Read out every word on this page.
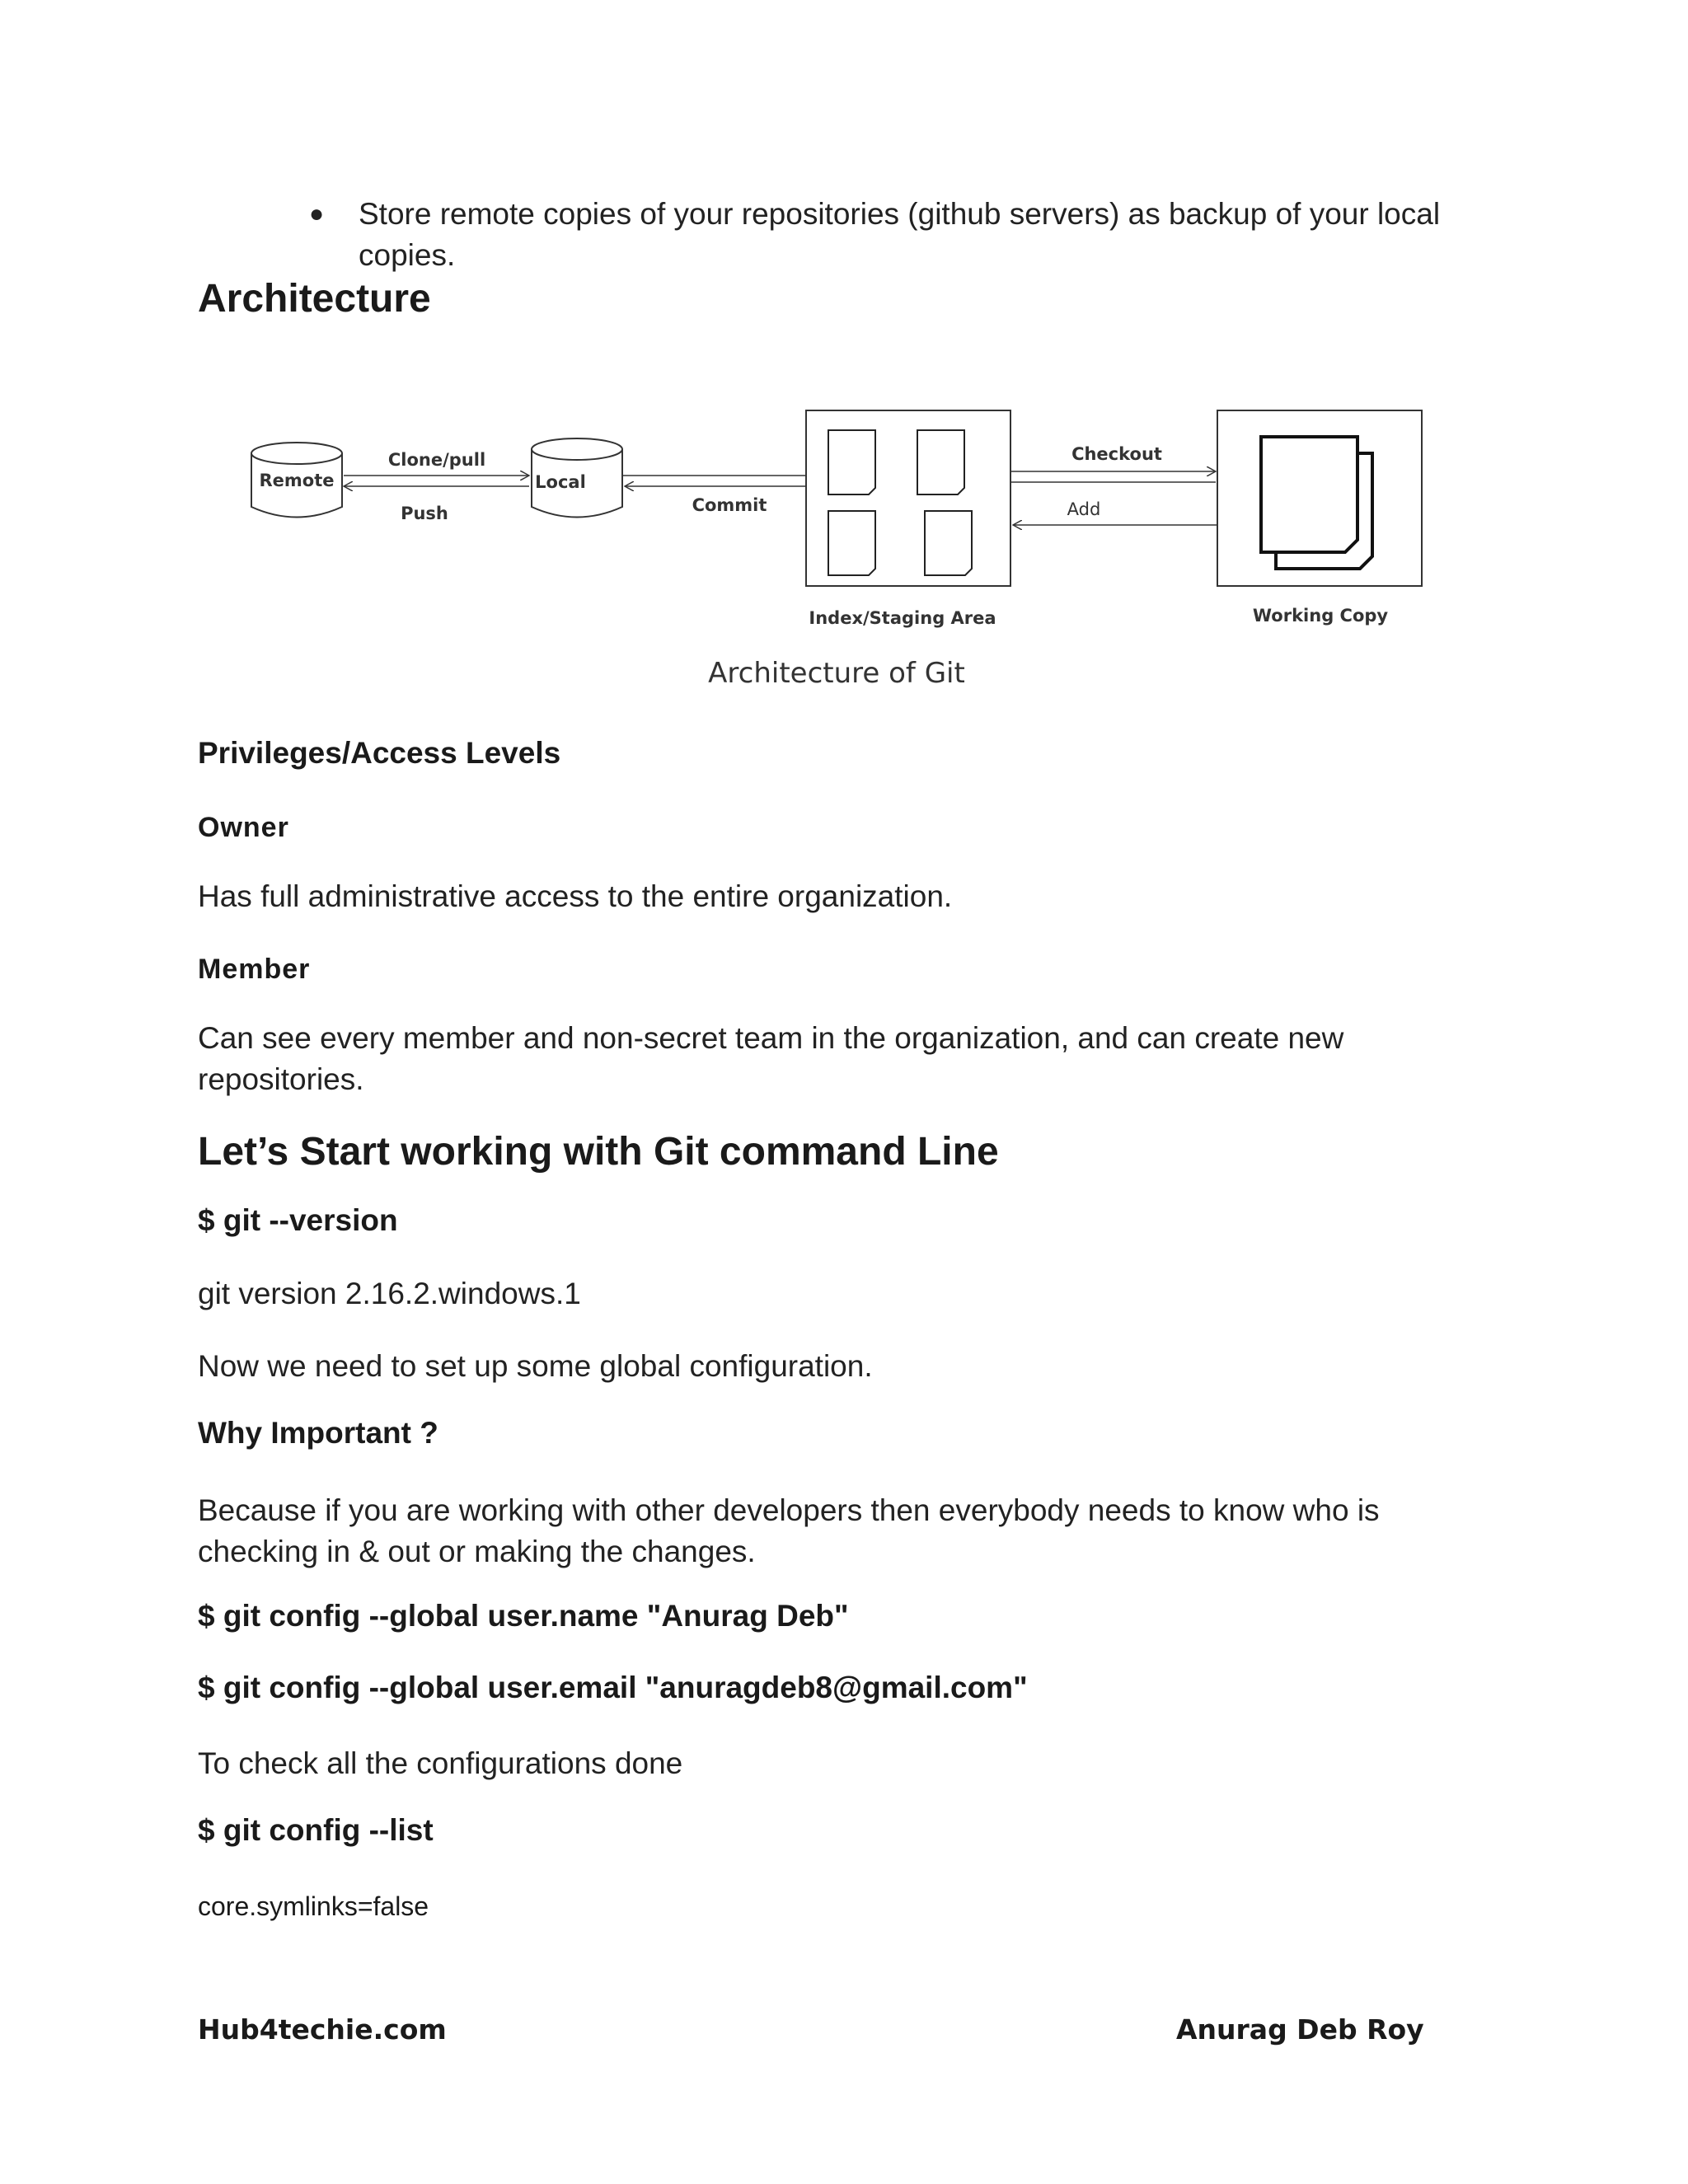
● Store remote copies of your repositories (github servers) as backup of your local
copies.
Architecture
Remote	Local
Clone/pull
Push	Commit
Index/Staging Area
Checkout
Add
Working Copy
Architecture of Git
Privileges/Access Levels
Owner
Has full administrative access to the entire organization.
Member
Can see every member and non-secret team in the organization, and can create new
repositories.
Let’s Start working with Git command Line
$ git --version
git version 2.16.2.windows.1
Now we need to set up some global configuration.
Why Important ?
Because if you are working with other developers then everybody needs to know who is
checking in & out or making the changes.
$ git config --global user.name "Anurag Deb"
$ git config --global user.email "anuragdeb8@gmail.com"
To check all the configurations done
$ git config --list
core.symlinks=false
Hub4techie.com	Anurag Deb Roy
